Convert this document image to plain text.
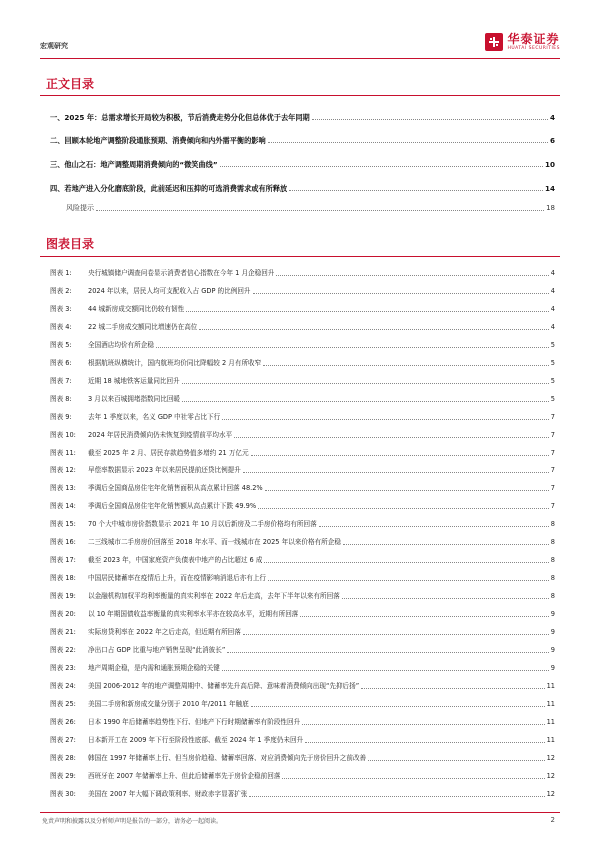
宏观研究	华泰证券
HUATAI SECURITIES
正文目录
一、2025 年：总需求增长开局较为积极，节后消费走势分化但总体优于去年同期	4
二、回顾本轮地产调整阶段通胀预期、消费倾向和内外需平衡的影响	6
三、他山之石：地产调整周期消费倾向的“微笑曲线”	10
四、若地产进入分化磨底阶段，此前延迟和压抑的可选消费需求或有所释放	14
风险提示	18
图表目录
图表 1:	央行城镇储户调查问卷显示消费者信心指数在今年 1 月企稳回升	4
图表 2:	2024 年以来，居民人均可支配收入占 GDP 的比例回升	4
图表 3:	44 城新房成交额同比仍较有韧性	4
图表 4:	22 城二手房成交额同比增速仍在高位	4
图表 5:	全国酒店均价有所企稳	5
图表 6:	根据航班纵横统计，国内航班均价同比降幅较 2 月有所收窄	5
图表 7:	近期 18 城地铁客运量同比回升	5
图表 8:	3 月以来百城拥堵指数同比回暖	5
图表 9:	去年 1 季度以来，名义 GDP 中社零占比下行	7
图表 10:	2024 年居民消费倾向仍未恢复到疫情前平均水平	7
图表 11:	截至 2025 年 2 月、居民存款趋势值多增约 21 万亿元	7
图表 12:	早偿率数据显示 2023 年以来居民提前还贷比例提升	7
图表 13:	季调后全国商品房住宅年化销售面积从高点累计回落 48.2%	7
图表 14:	季调后全国商品房住宅年化销售额从高点累计下跌 49.9%	7
图表 15:	70 个大中城市房价指数显示 2021 年 10 月以后新房及二手房价格均有所回落	8
图表 16:	二三线城市二手房房价回落至 2018 年水平、而一线城市在 2025 年以来价格有所企稳	8
图表 17:	截至 2023 年，中国家庭资产负债表中地产的占比超过 6 成	8
图表 18:	中国居民储蓄率在疫情后上升，而在疫情影响消退后亦有上行	8
图表 19:	以金融机构加权平均利率衡量的真实利率在 2022 年后走高，去年下半年以来有所回落	8
图表 20:	以 10 年期国债收益率衡量的真实利率水平亦在较高水平，近期有所回落	9
图表 21:	实际房贷利率在 2022 年之后走高，但近期有所回落	9
图表 22:	净出口占 GDP 比重与地产销售呈现“此消彼长”	9
图表 23:	地产周期企稳，是内需和通胀预期企稳的关键	9
图表 24:	美国 2006-2012 年的地产调整周期中、储蓄率先升高后降、意味着消费倾向出现“先抑后扬”	11
图表 25:	美国二手房和新房成交量分别于 2010 年/2011 年触底	11
图表 26:	日本 1990 年后储蓄率趋势性下行、但地产下行时期储蓄率有阶段性回升	11
图表 27:	日本新开工在 2009 年下行至阶段性底部、截至 2024 年 1 季度仍未回升	11
图表 28:	韩国在 1997 年储蓄率上行、但当房价趋稳、储蓄率回落、对应消费倾向先于房价回升之前改善	12
图表 29:	西班牙在 2007 年储蓄率上升、但此后储蓄率先于房价企稳前回落	12
图表 30:	美国在 2007 年大幅下调政策利率、财政赤字显著扩张	12
免责声明和披露以及分析师声明是报告的一部分，请务必一起阅读。	2
